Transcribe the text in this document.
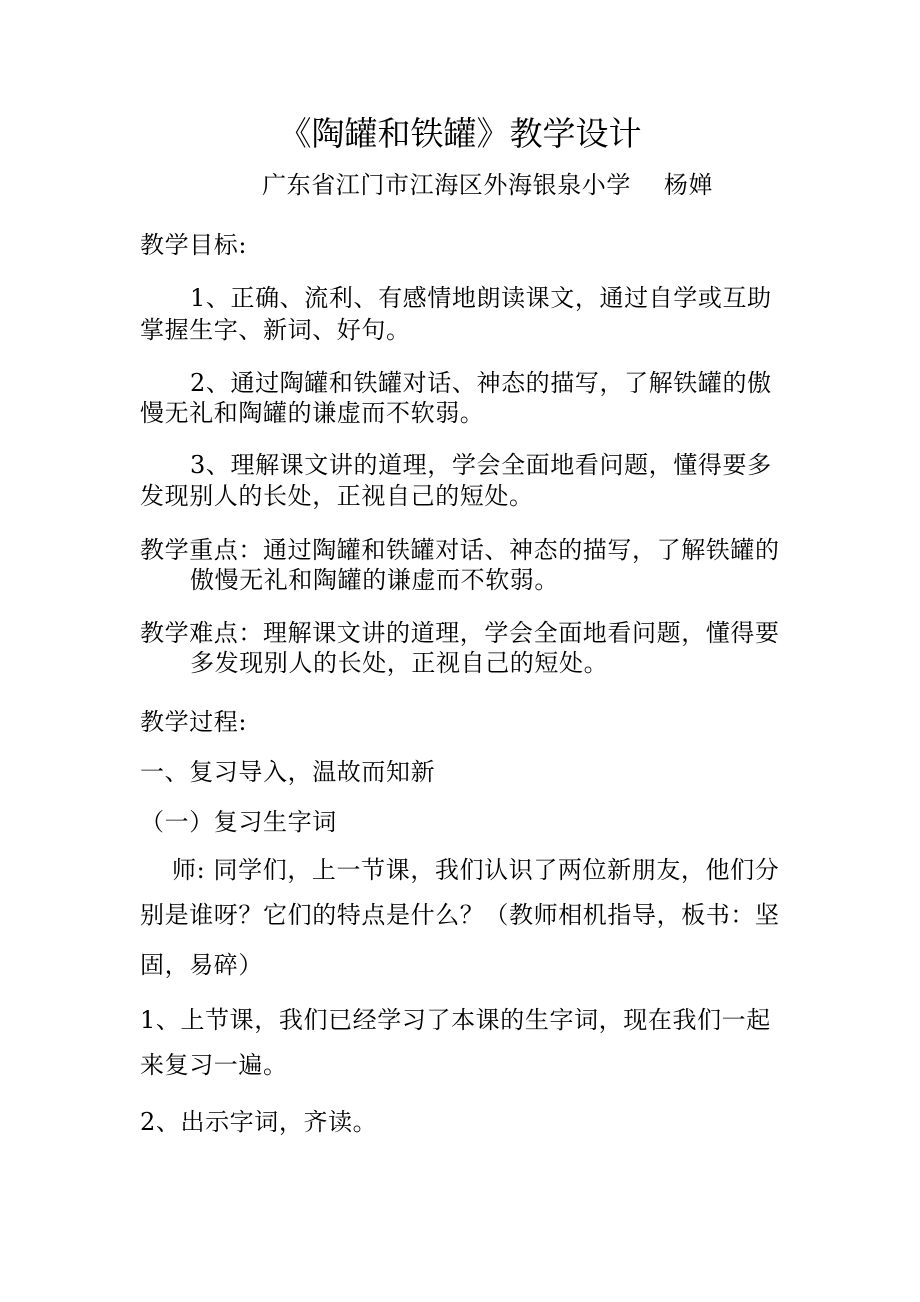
《陶罐和铁罐》教学设计
广东省江门市江海区外海银泉小学    杨婵
教学目标:
1、正确、流利、有感情地朗读课文，通过自学或互助
掌握生字、新词、好句。
2、通过陶罐和铁罐对话、神态的描写，了解铁罐的傲
慢无礼和陶罐的谦虚而不软弱。
3、理解课文讲的道理，学会全面地看问题，懂得要多
发现别人的长处，正视自己的短处。
教学重点：通过陶罐和铁罐对话、神态的描写，了解铁罐的
傲慢无礼和陶罐的谦虚而不软弱。
教学难点：理解课文讲的道理，学会全面地看问题，懂得要
多发现别人的长处，正视自己的短处。
教学过程:
一、复习导入，温故而知新
（一）复习生字词
师: 同学们，上一节课，我们认识了两位新朋友，他们分
别是谁呀？它们的特点是什么？（教师相机指导，板书：坚
固，易碎）
1、上节课，我们已经学习了本课的生字词，现在我们一起
来复习一遍。
2、出示字词，齐读。
